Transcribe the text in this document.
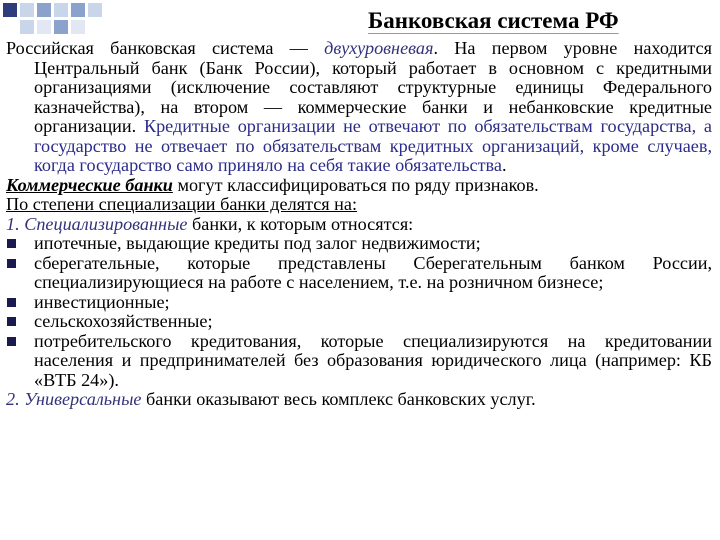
Банковская система РФ

Российская банковская система — двухуровневая. На первом уровне находится Центральный банк (Банк России), который работает в основном с кредитными организациями (исключение составляют структурные единицы Федерального казначейства), на втором — коммерческие банки и небанковские кредитные организации. Кредитные организации не отвечают по обязательствам государства, а государство не отвечает по обязательствам кредитных организаций, кроме случаев, когда государство само приняло на себя такие обязательства.

Коммерческие банки могут классифицироваться по ряду признаков.

По степени специализации банки делятся на:

1. Специализированные банки, к которым относятся:

ипотечные, выдающие кредиты под залог недвижимости;

сберегательные, которые представлены Сберегательным банком России, специализирующиеся на работе с населением, т.е. на розничном бизнесе;

инвестиционные;

сельскохозяйственные;

потребительского кредитования, которые специализируются на кредитовании населения и предпринимателей без образования юридического лица (например: КБ «ВТБ 24»).

2. Универсальные банки оказывают весь комплекс банковских услуг.
